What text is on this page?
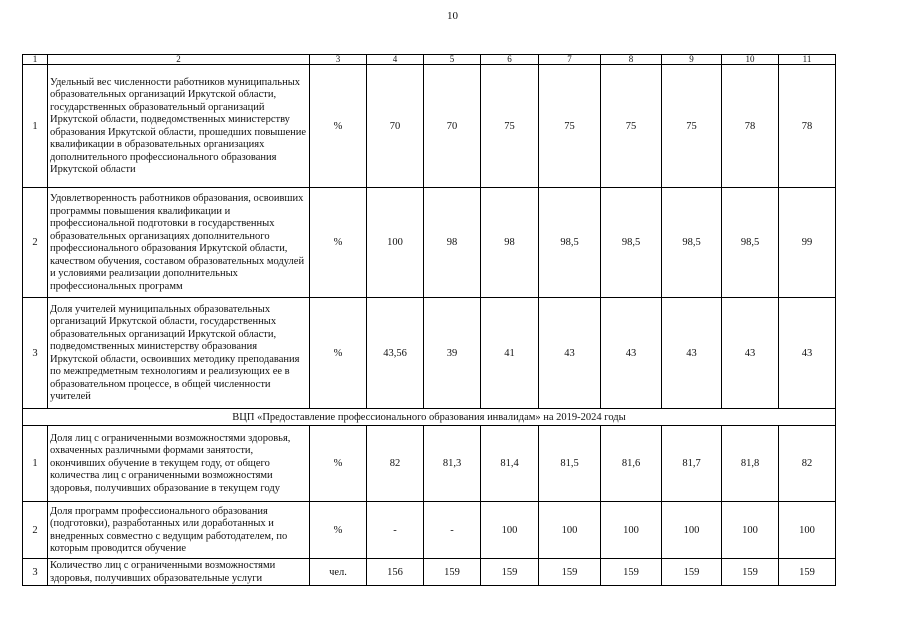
10
1	2	3	4	5	6	7	8	9	10	11
1	Удельный вес численности работников муниципальных образовательных организаций Иркутской области, государственных образовательный организаций Иркутской области, подведомственных министерству образования Иркутской области, прошедших повышение квалификации в образовательных организациях дополнительного профессионального образования Иркутской области	%	70	70	75	75	75	75	78	78
2	Удовлетворенность работников образования, освоивших программы повышения квалификации и профессиональной подготовки в государственных образовательных организациях дополнительного профессионального образования Иркутской области, качеством обучения, составом образовательных модулей и условиями реализации дополнительных профессиональных программ	%	100	98	98	98,5	98,5	98,5	98,5	99
3	Доля учителей муниципальных образовательных организаций Иркутской области, государственных образовательных организаций Иркутской области, подведомственных министерству образования Иркутской области, освоивших методику преподавания по межпредметным технологиям и реализующих ее в образовательном процессе, в общей численности учителей	%	43,56	39	41	43	43	43	43	43
ВЦП «Предоставление профессионального образования инвалидам» на 2019-2024 годы										
1	Доля лиц с ограниченными возможностями здоровья, охваченных различными формами занятости, окончивших обучение в текущем году, от общего количества лиц с ограниченными возможностями здоровья, получивших образование в текущем году	%	82	81,3	81,4	81,5	81,6	81,7	81,8	82
2	Доля программ профессионального образования (подготовки), разработанных или доработанных и внедренных совместно с ведущим работодателем, по которым проводится обучение	%	-	-	100	100	100	100	100	100
3	Количество лиц с ограниченными возможностями здоровья, получивших образовательные услуги	чел.	156	159	159	159	159	159	159	159
